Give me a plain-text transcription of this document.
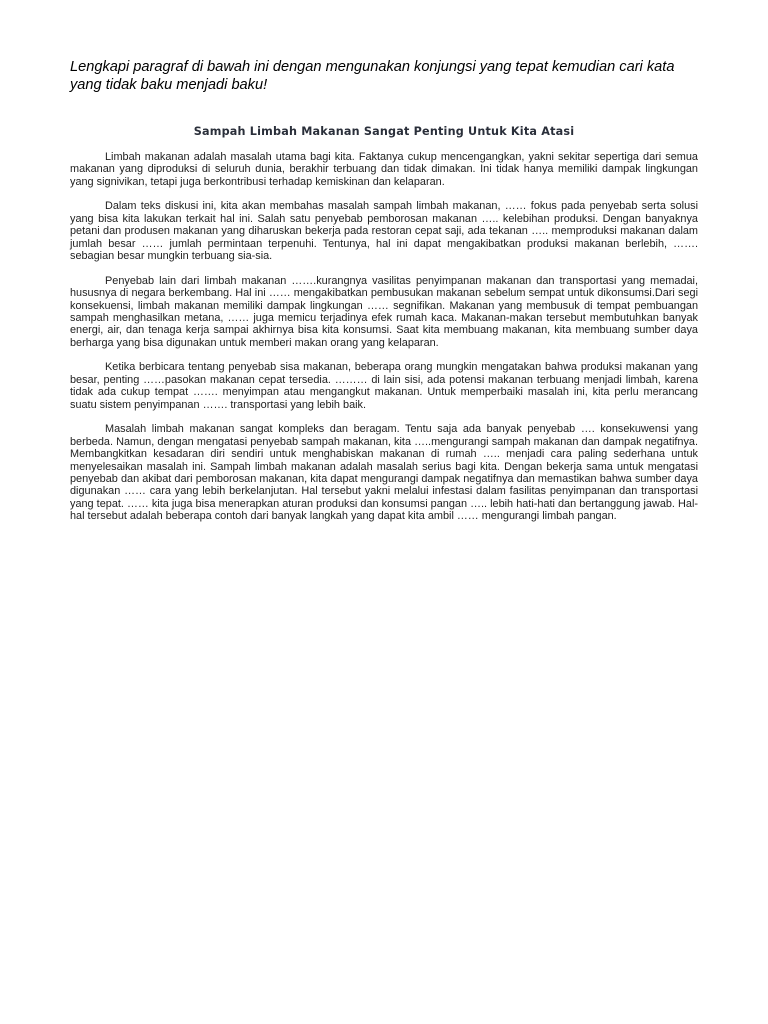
Lengkapi paragraf di bawah ini dengan mengunakan konjungsi yang tepat kemudian cari kata yang tidak baku menjadi baku!

Sampah Limbah Makanan Sangat Penting Untuk Kita Atasi

Limbah makanan adalah masalah utama bagi kita. Faktanya cukup mencengangkan, yakni sekitar sepertiga dari semua makanan yang diproduksi di seluruh dunia, berakhir terbuang dan tidak dimakan. Ini tidak hanya memiliki dampak lingkungan yang signivikan, tetapi juga berkontribusi terhadap kemiskinan dan kelaparan.

Dalam teks diskusi ini, kita akan membahas masalah sampah limbah makanan, …… fokus pada penyebab serta solusi yang bisa kita lakukan terkait hal ini. Salah satu penyebab pemborosan makanan ….. kelebihan produksi. Dengan banyaknya petani dan produsen makanan yang diharuskan bekerja pada restoran cepat saji, ada tekanan ….. memproduksi makanan dalam jumlah besar …… jumlah permintaan terpenuhi. Tentunya, hal ini dapat mengakibatkan produksi makanan berlebih, ……. sebagian besar mungkin terbuang sia-sia.

Penyebab lain dari limbah makanan …….kurangnya vasilitas penyimpanan makanan dan transportasi yang memadai, hususnya di negara berkembang. Hal ini …… mengakibatkan pembusukan makanan sebelum sempat untuk dikonsumsi.Dari segi konsekuensi, limbah makanan memiliki dampak lingkungan …… segnifikan. Makanan yang membusuk di tempat pembuangan sampah menghasilkan metana, …… juga memicu terjadinya efek rumah kaca. Makanan-makan tersebut membutuhkan banyak energi, air, dan tenaga kerja sampai akhirnya bisa kita konsumsi. Saat kita membuang makanan, kita membuang sumber daya berharga yang bisa digunakan untuk memberi makan orang yang kelaparan.

Ketika berbicara tentang penyebab sisa makanan, beberapa orang mungkin mengatakan bahwa produksi makanan yang besar, penting ……pasokan makanan cepat tersedia. ……… di lain sisi, ada potensi makanan terbuang menjadi limbah, karena tidak ada cukup tempat ……. menyimpan atau mengangkut makanan. Untuk memperbaiki masalah ini, kita perlu merancang suatu sistem penyimpanan ……. transportasi yang lebih baik.

Masalah limbah makanan sangat kompleks dan beragam. Tentu saja ada banyak penyebab …. konsekuwensi yang berbeda. Namun, dengan mengatasi penyebab sampah makanan, kita …..mengurangi sampah makanan dan dampak negatifnya. Membangkitkan kesadaran diri sendiri untuk menghabiskan makanan di rumah ….. menjadi cara paling sederhana untuk menyelesaikan masalah ini. Sampah limbah makanan adalah masalah serius bagi kita. Dengan bekerja sama untuk mengatasi penyebab dan akibat dari pemborosan makanan, kita dapat mengurangi dampak negatifnya dan memastikan bahwa sumber daya digunakan …… cara yang lebih berkelanjutan. Hal tersebut yakni melalui infestasi dalam fasilitas penyimpanan dan transportasi yang tepat. …… kita juga bisa menerapkan aturan produksi dan konsumsi pangan ….. lebih hati-hati dan bertanggung jawab. Hal-hal tersebut adalah beberapa contoh dari banyak langkah yang dapat kita ambil …… mengurangi limbah pangan.
